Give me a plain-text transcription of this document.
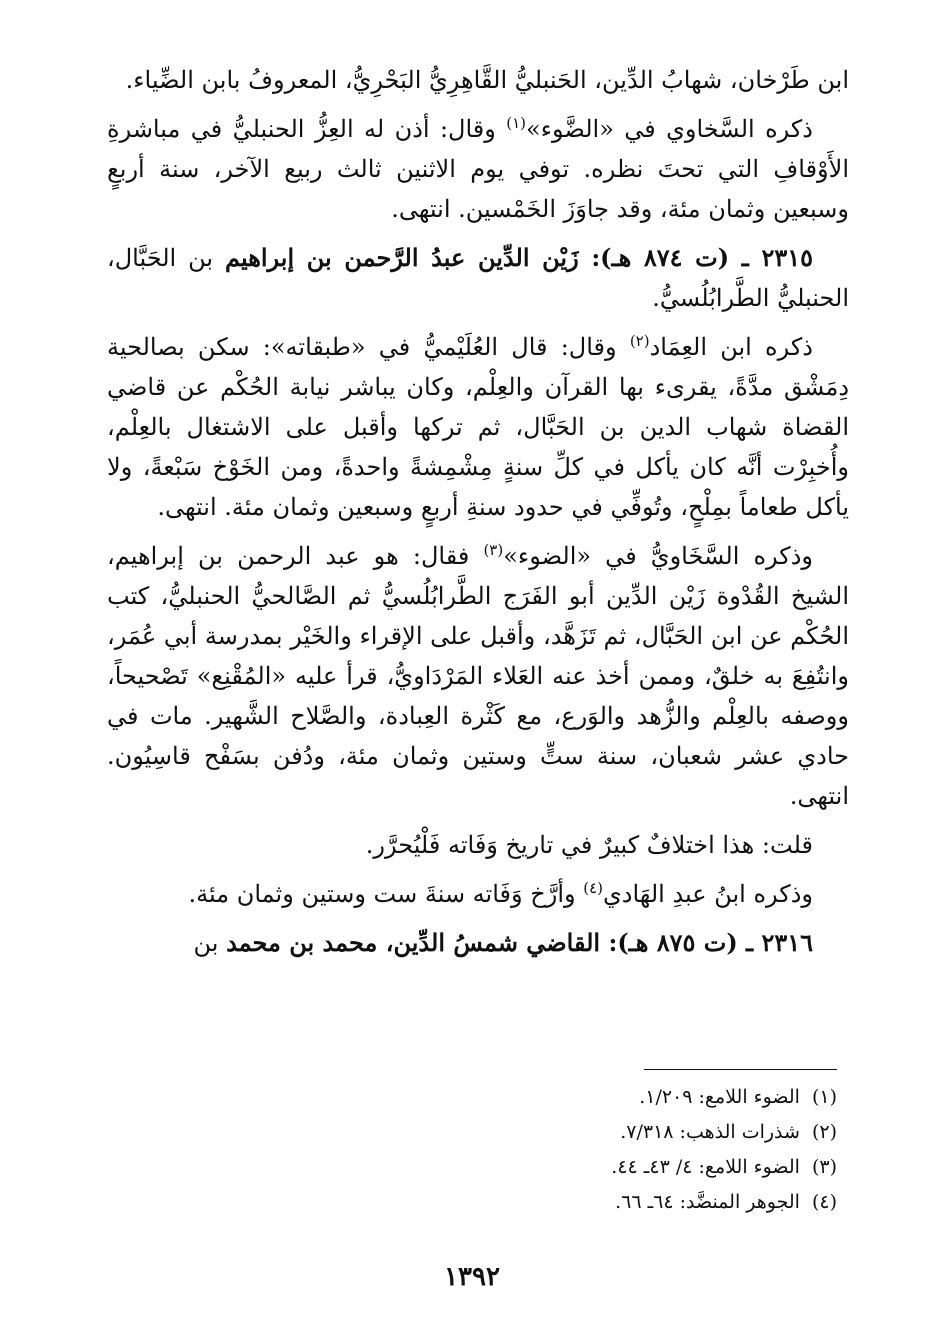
ابن طَرْخان، شهابُ الدِّين، الحَنبليُّ القَّاهِرِيُّ البَحْرِيُّ، المعروفُ بابن الضِّياء.

ذكره السَّخاوي في «الضَّوء»$^{(١)}$ وقال: أذن له العِزُّ الحنبليُّ في مباشرةِ الأَوْقافِ التي تحتَ نظره. توفي يوم الاثنين ثالث ربيع الآخر، سنة أربعٍ وسبعين وثمان مئة، وقد جاوَزَ الخَمْسين. انتهى.

٢٣١٥ ـ (ت ٨٧٤ هـ): زَيْن الدِّين عبدُ الرَّحمن بن إبراهيم بن الحَبَّال، الحنبليُّ الطَّرابُلُسيُّ.

ذكره ابن العِمَاد$^{(٢)}$ وقال: قال العُلَيْميُّ في «طبقاته»: سكن بصالحية دِمَشْق مدَّةً، يقرىء بها القرآن والعِلْم، وكان يباشر نيابة الحُكْم عن قاضي القضاة شهاب الدين بن الحَبَّال، ثم تركها وأقبل على الاشتغال بالعِلْم، وأُخبِرْت أنَّه كان يأكل في كلِّ سنةٍ مِشْمِشةً واحدةً، ومن الخَوْخ سَبْعةً، ولا يأكل طعاماً بمِلْحٍ، وتُوفِّي في حدود سنةِ أربعٍ وسبعين وثمان مئة. انتهى.

وذكره السَّخَاويُّ في «الضوء»$^{(٣)}$ فقال: هو عبد الرحمن بن إبراهيم، الشيخ القُدْوة زَيْن الدِّين أبو الفَرَج الطَّرابُلُسيُّ ثم الصَّالحيُّ الحنبليُّ، كتب الحُكْم عن ابن الحَبَّال، ثم تَزَهَّد، وأقبل على الإقراء والخَيْر بمدرسة أبي عُمَر، وانتُفِعَ به خلقٌ، وممن أخذ عنه العَلاء المَرْدَاويُّ، قرأ عليه «المُقْنِع» تَصْحيحاً، ووصفه بالعِلْم والزُّهد والوَرع، مع كَثْرة العِبادة، والصَّلاح الشَّهير. مات في حادي عشر شعبان، سنة ستٍّ وستين وثمان مئة، ودُفن بسَفْح قاسِيُون. انتهى.

قلت: هذا اختلافٌ كبيرٌ في تاريخ وَفَاته فَلْيُحرَّر.

وذكره ابنُ عبدِ الهَادي$^{(٤)}$ وأرَّخ وَفَاته سنةَ ست وستين وثمان مئة.

٢٣١٦ ـ (ت ٨٧٥ هـ): القاضي شمسُ الدِّين، محمد بن محمد بن

(١)الضوء اللامع: ١/٢٠٩.

(٢)شذرات الذهب: ٧/٣١٨.

(٣)الضوء اللامع: ٤/ ٤٣ـ ٤٤.

(٤)الجوهر المنضَّد: ٦٤ـ ٦٦.

١٣٩٢
